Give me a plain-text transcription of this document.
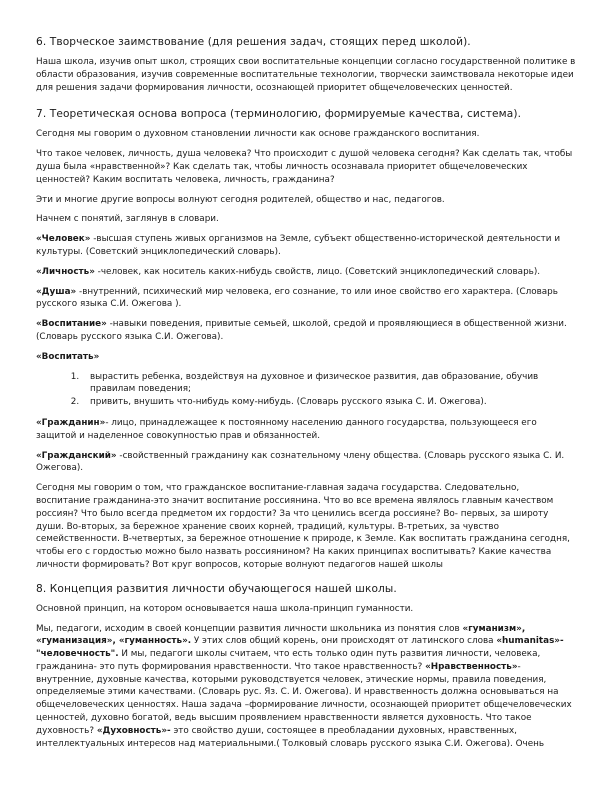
6. Творческое заимствование (для решения задач, стоящих перед школой).

Наша школа, изучив опыт школ, строящих свои воспитательные концепции согласно государственной политике в области образования, изучив современные воспитательные технологии, творчески заимствовала некоторые идеи для решения задачи формирования личности, осознающей приоритет общечеловеческих ценностей.

7. Теоретическая основа вопроса (терминологию, формируемые качества, система).

Сегодня мы говорим о духовном становлении личности как основе гражданского воспитания.

Что такое человек, личность, душа человека? Что происходит с душой человека сегодня? Как сделать так, чтобы душа была «нравственной»? Как сделать так, чтобы личность осознавала приоритет общечеловеческих ценностей? Каким воспитать человека, личность, гражданина?

Эти и многие другие вопросы волнуют сегодня родителей, общество и нас, педагогов.

Начнем с понятий, заглянув в словари.

«Человек» -высшая ступень живых организмов на Земле, субъект общественно-исторической деятельности и культуры. (Советский энциклопедический словарь).

«Личность» -человек, как носитель каких-нибудь свойств, лицо. (Советский энциклопедический словарь).

«Душа» -внутренний, психический мир человека, его сознание, то или иное свойство его характера. (Словарь русского языка С.И. Ожегова ).

«Воспитание» -навыки поведения, привитые семьей, школой, средой и проявляющиеся в общественной жизни. (Словарь русского языка С.И. Ожегова).

«Воспитать»

1. вырастить ребенка, воздействуя на духовное и физическое развития, дав образование, обучив правилам поведения;
2. привить, внушить что-нибудь кому-нибудь. (Словарь русского языка С. И. Ожегова).

«Гражданин»- лицо, принадлежащее к постоянному населению данного государства, пользующееся его защитой и наделенное совокупностью прав и обязанностей.

«Гражданский» -свойственный гражданину как сознательному члену общества. (Словарь русского языка С. И. Ожегова).

Сегодня мы говорим о том, что гражданское воспитание-главная задача государства. Следовательно, воспитание гражданина-это значит воспитание россиянина. Что во все времена являлось главным качеством россиян? Что было всегда предметом их гордости? За что ценились всегда россияне? Во- первых, за широту души. Во-вторых, за бережное хранение своих корней, традиций, культуры. В-третьих, за чувство семейственности. В-четвертых, за бережное отношение к природе, к Земле. Как воспитать гражданина сегодня, чтобы его с гордостью можно было назвать россиянином? На каких принципах воспитывать? Какие качества личности формировать? Вот круг вопросов, которые волнуют педагогов нашей школы

8. Концепция развития личности обучающегося нашей школы.

Основной принцип, на котором основывается наша школа-принцип гуманности.

Мы, педагоги, исходим в своей концепции развития личности школьника из понятия слов «гуманизм», «гуманизация», «гуманность». У этих слов общий корень, они происходят от латинского слова «humanitas»- "человечность". И мы, педагоги школы считаем, что есть только один путь развития личности, человека, гражданина- это путь формирования нравственности. Что такое нравственность? «Нравственность»- внутренние, духовные качества, которыми руководствуется человек, этические нормы, правила поведения, определяемые этими качествами. (Словарь рус. Яз. С. И. Ожегова). И нравственность должна основываться на общечеловеческих ценностях. Наша задача –формирование личности, осознающей приоритет общечеловеческих ценностей, духовно богатой, ведь высшим проявлением нравственности является духовность. Что такое духовность? «Духовность»- это свойство души, состоящее в преобладании духовных, нравственных, интеллектуальных интересов над материальными.( Толковый словарь русского языка С.И. Ожегова). Очень
